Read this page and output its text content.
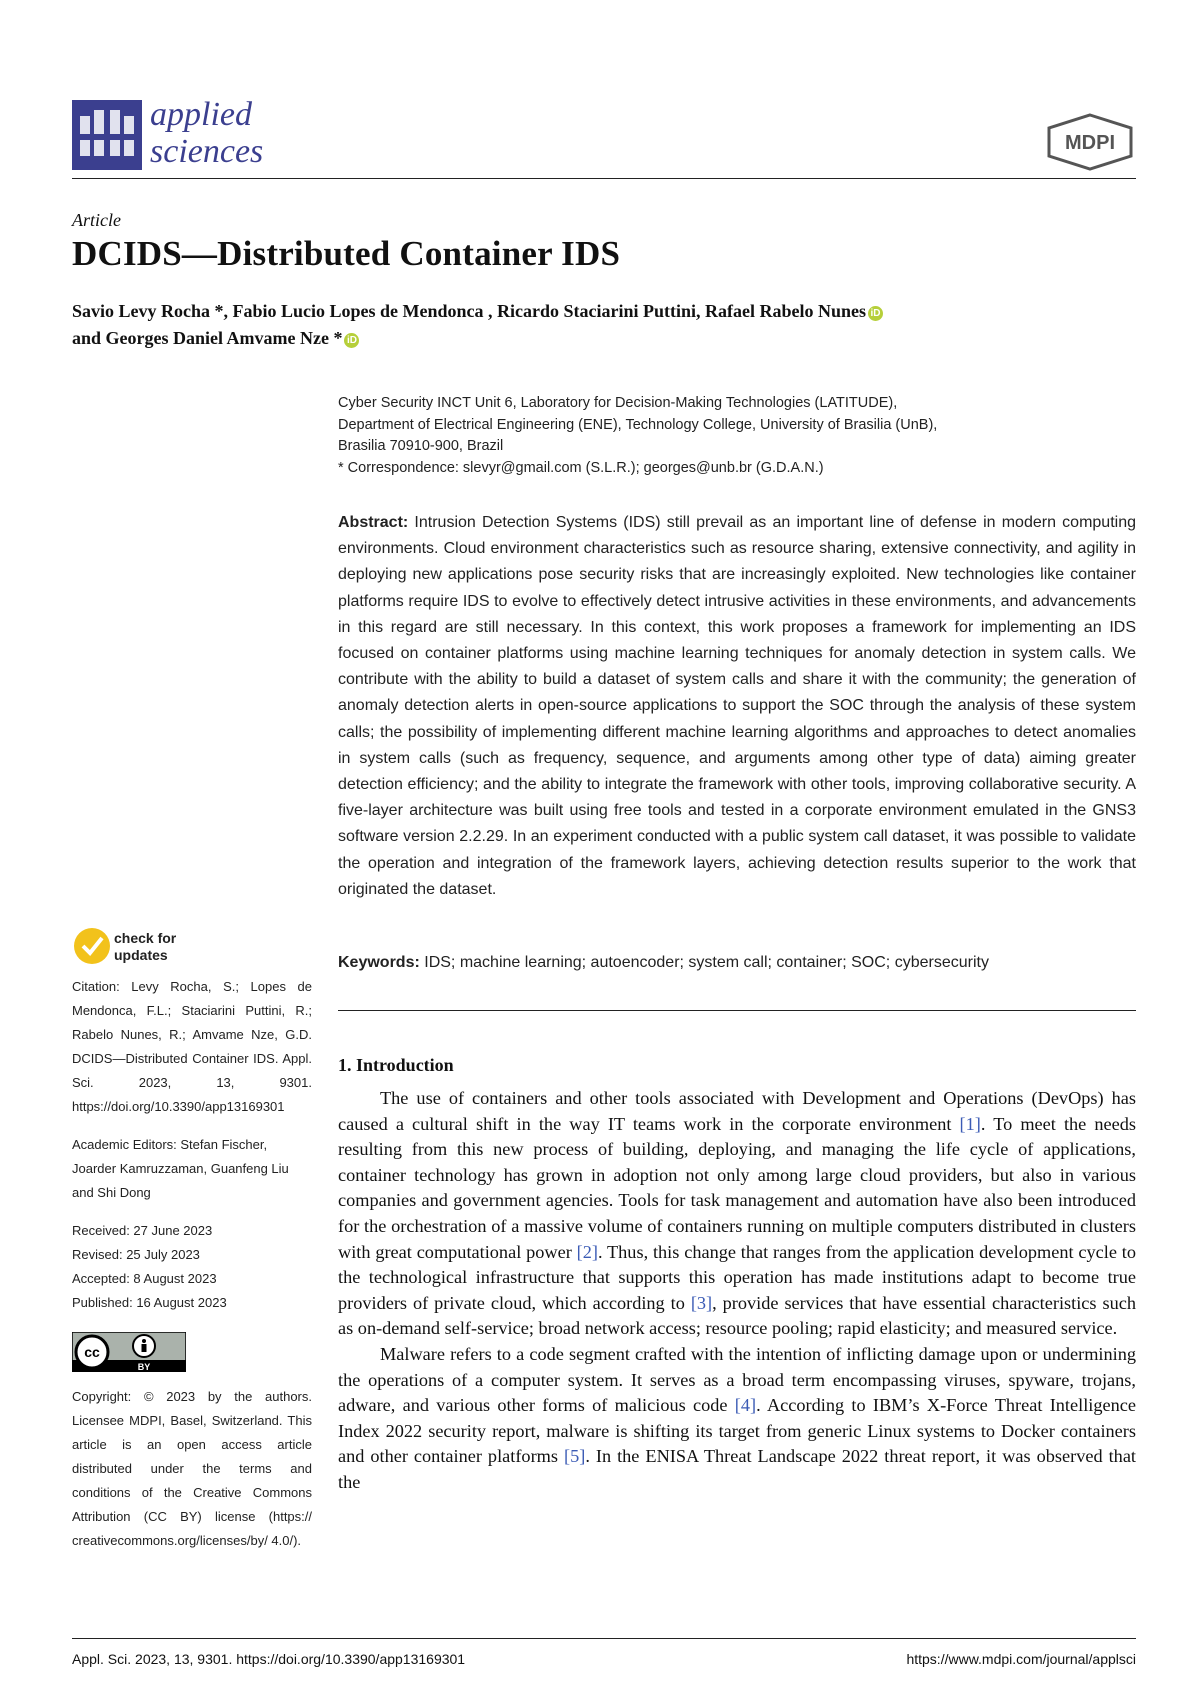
applied
sciences	MDPI
Article
DCIDS—Distributed Container IDS
Savio Levy Rocha *, Fabio Lucio Lopes de Mendonca , Ricardo Staciarini Puttini, Rafael Rabelo Nunes iD
and Georges Daniel Amvame Nze * iD
Cyber Security INCT Unit 6, Laboratory for Decision-Making Technologies (LATITUDE),
Department of Electrical Engineering (ENE), Technology College, University of Brasilia (UnB),
Brasilia 70910-900, Brazil
* Correspondence: slevyr@gmail.com (S.L.R.); georges@unb.br (G.D.A.N.)
Abstract: Intrusion Detection Systems (IDS) still prevail as an important line of defense in modern computing environments. Cloud environment characteristics such as resource sharing, extensive connectivity, and agility in deploying new applications pose security risks that are increasingly exploited. New technologies like container platforms require IDS to evolve to effectively detect intrusive activities in these environments, and advancements in this regard are still necessary. In this context, this work proposes a framework for implementing an IDS focused on container platforms using machine learning techniques for anomaly detection in system calls. We contribute with the ability to build a dataset of system calls and share it with the community; the generation of anomaly detection alerts in open-source applications to support the SOC through the analysis of these system calls; the possibility of implementing different machine learning algorithms and approaches to detect anomalies in system calls (such as frequency, sequence, and arguments among other type of data) aiming greater detection efficiency; and the ability to integrate the framework with other tools, improving collaborative security. A five-layer architecture was built using free tools and tested in a corporate environment emulated in the GNS3 software version 2.2.29. In an experiment conducted with a public system call dataset, it was possible to validate the operation and integration of the framework layers, achieving detection results superior to the work that originated the dataset.
Keywords: IDS; machine learning; autoencoder; system call; container; SOC; cybersecurity
1. Introduction

The use of containers and other tools associated with Development and Operations (DevOps) has caused a cultural shift in the way IT teams work in the corporate environment [1]. To meet the needs resulting from this new process of building, deploying, and managing the life cycle of applications, container technology has grown in adoption not only among large cloud providers, but also in various companies and government agencies. Tools for task management and automation have also been introduced for the orchestration of a massive volume of containers running on multiple computers distributed in clusters with great computational power [2]. Thus, this change that ranges from the application development cycle to the technological infrastructure that supports this operation has made institutions adapt to become true providers of private cloud, which according to [3], provide services that have essential characteristics such as on-demand self-service; broad network access; resource pooling; rapid elasticity; and measured service.

Malware refers to a code segment crafted with the intention of inflicting damage upon or undermining the operations of a computer system. It serves as a broad term encompassing viruses, spyware, trojans, adware, and various other forms of malicious code [4]. According to IBM’s X-Force Threat Intelligence Index 2022 security report, malware is shifting its target from generic Linux systems to Docker containers and other container platforms [5]. In the ENISA Threat Landscape 2022 threat report, it was observed that the

check for
updates
Citation: Levy Rocha, S.; Lopes de Mendonca, F.L.; Staciarini Puttini, R.; Rabelo Nunes, R.; Amvame Nze, G.D. DCIDS—Distributed Container IDS. Appl. Sci. 2023, 13, 9301. https://doi.org/10.3390/app13169301
Academic Editors: Stefan Fischer, Joarder Kamruzzaman, Guanfeng Liu and Shi Dong
Received: 27 June 2023
Revised: 25 July 2023
Accepted: 8 August 2023
Published: 16 August 2023
cc
BY
Copyright: © 2023 by the authors. Licensee MDPI, Basel, Switzerland. This article is an open access article distributed under the terms and conditions of the Creative Commons Attribution (CC BY) license (https:// creativecommons.org/licenses/by/ 4.0/).
Appl. Sci. 2023, 13, 9301. https://doi.org/10.3390/app13169301	https://www.mdpi.com/journal/applsci
